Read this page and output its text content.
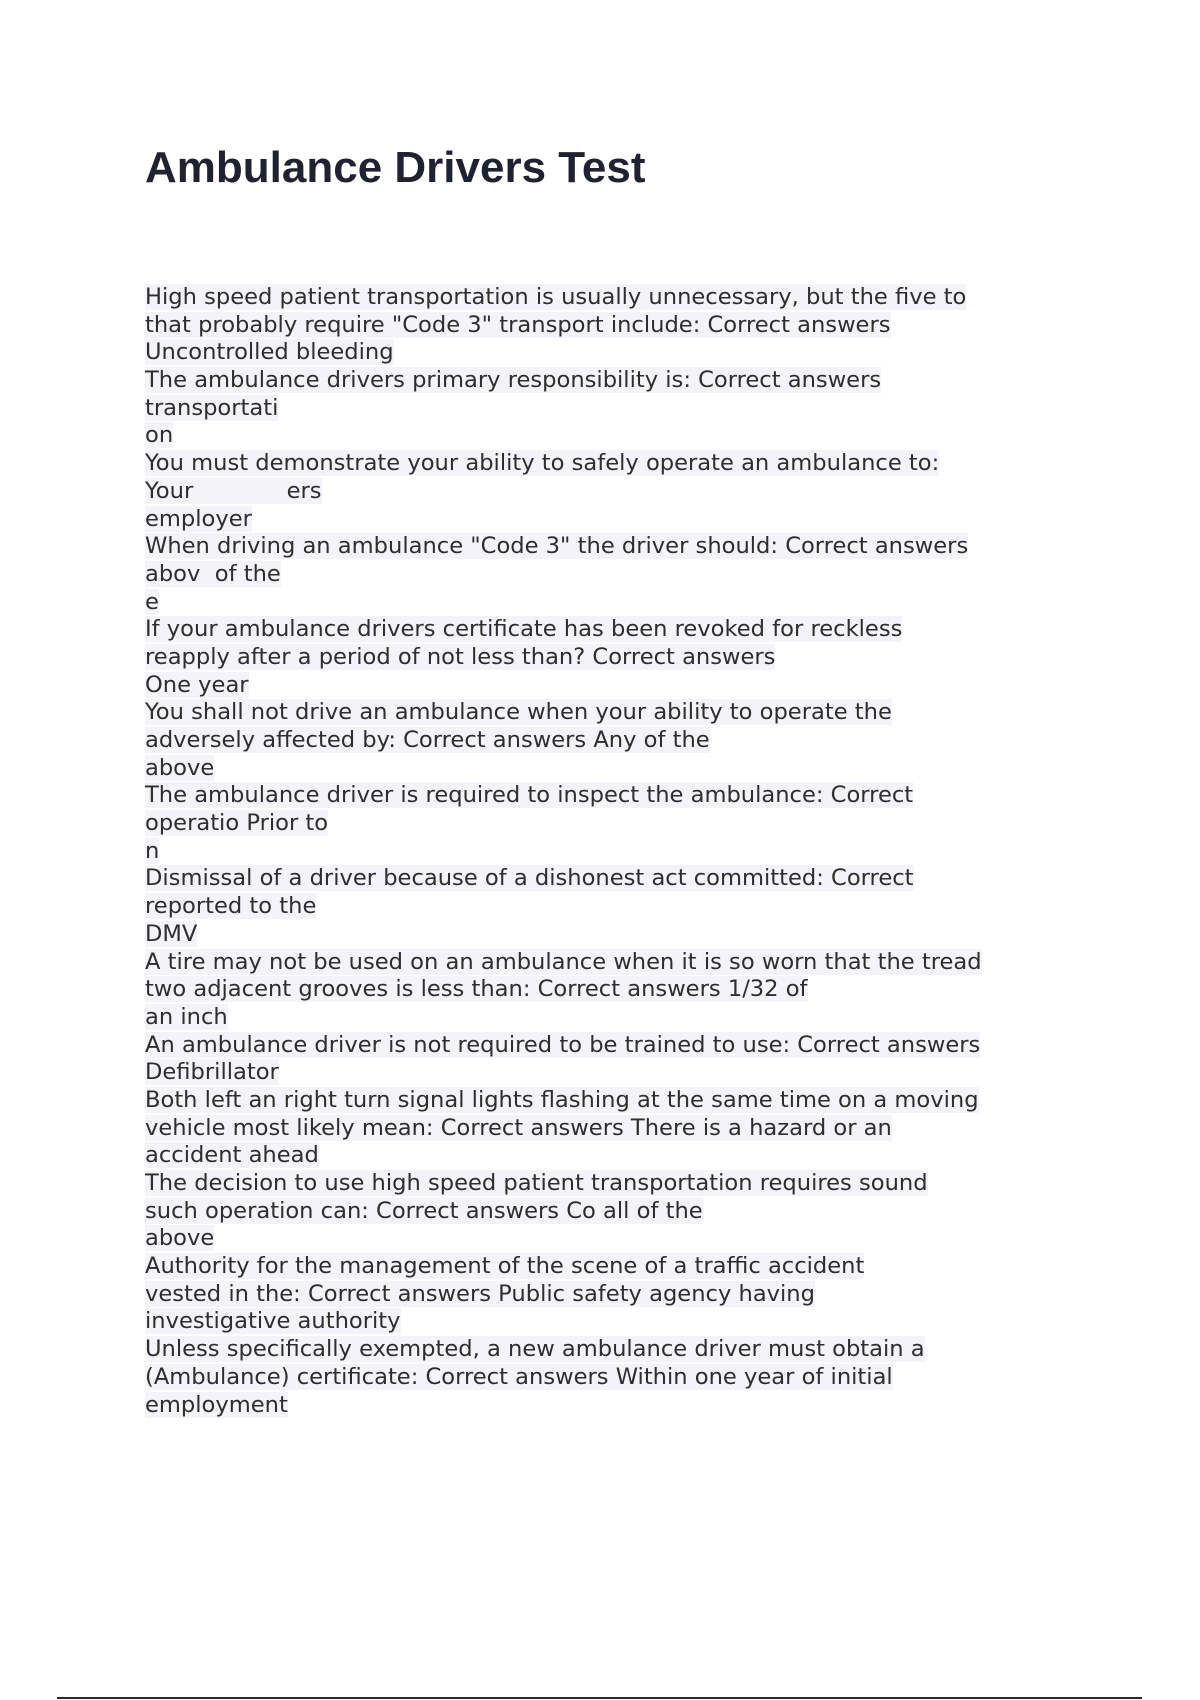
Ambulance Drivers Test
High speed patient transportation is usually unnecessary, but the five to
that probably require "Code 3" transport include: Correct answers
Uncontrolled bleeding
The ambulance drivers primary responsibility is: Correct answers
transportati
on
You must demonstrate your ability to safely operate an ambulance to:
Your             ers
employer
When driving an ambulance "Code 3" the driver should: Correct answers
abov  of the
e
If your ambulance drivers certificate has been revoked for reckless
reapply after a period of not less than? Correct answers
One year
You shall not drive an ambulance when your ability to operate the
adversely affected by: Correct answers Any of the
above
The ambulance driver is required to inspect the ambulance: Correct
operatio Prior to
n
Dismissal of a driver because of a dishonest act committed: Correct
reported to the
DMV
A tire may not be used on an ambulance when it is so worn that the tread
two adjacent grooves is less than: Correct answers 1/32 of
an inch
An ambulance driver is not required to be trained to use: Correct answers
Defibrillator
Both left an right turn signal lights flashing at the same time on a moving
vehicle most likely mean: Correct answers There is a hazard or an
accident ahead
The decision to use high speed patient transportation requires sound
such operation can: Correct answers Co all of the
above
Authority for the management of the scene of a traffic accident
vested in the: Correct answers Public safety agency having
investigative authority
Unless specifically exempted, a new ambulance driver must obtain a
(Ambulance) certificate: Correct answers Within one year of initial
employment
